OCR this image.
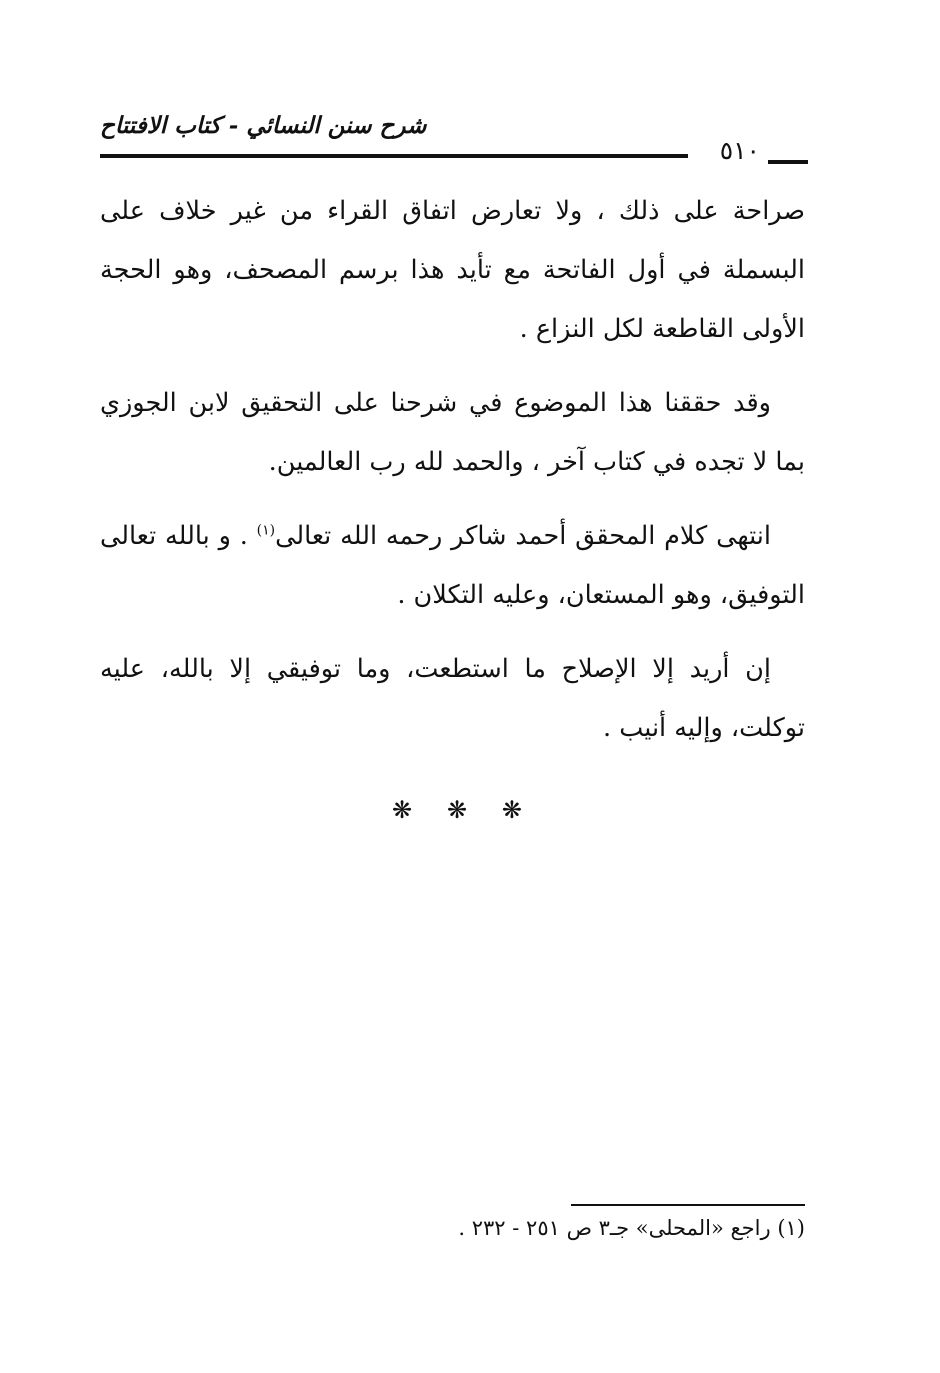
٥١٠
شرح سنن النسائي - كتاب الافتتاح

صراحة على ذلك ، ولا تعارض اتفاق القراء من غير خلاف على البسملة في أول الفاتحة مع تأيد هذا برسم المصحف، وهو الحجة الأولى القاطعة لكل النزاع .

وقد حققنا هذا الموضوع في شرحنا على التحقيق لابن الجوزي بما لا تجده في كتاب آخر ، والحمد لله رب العالمين.

انتهى كلام المحقق أحمد شاكر رحمه الله تعالى$^{(١)}$ . و بالله تعالى التوفيق، وهو المستعان، وعليه التكلان .

إن أريد إلا الإصلاح ما استطعت، وما توفيقي إلا بالله، عليه توكلت، وإليه أنيب .

❋ ❋ ❋
(١) راجع «المحلى» جـ٣ ص ٢٥١ - ٢٣٢ .
